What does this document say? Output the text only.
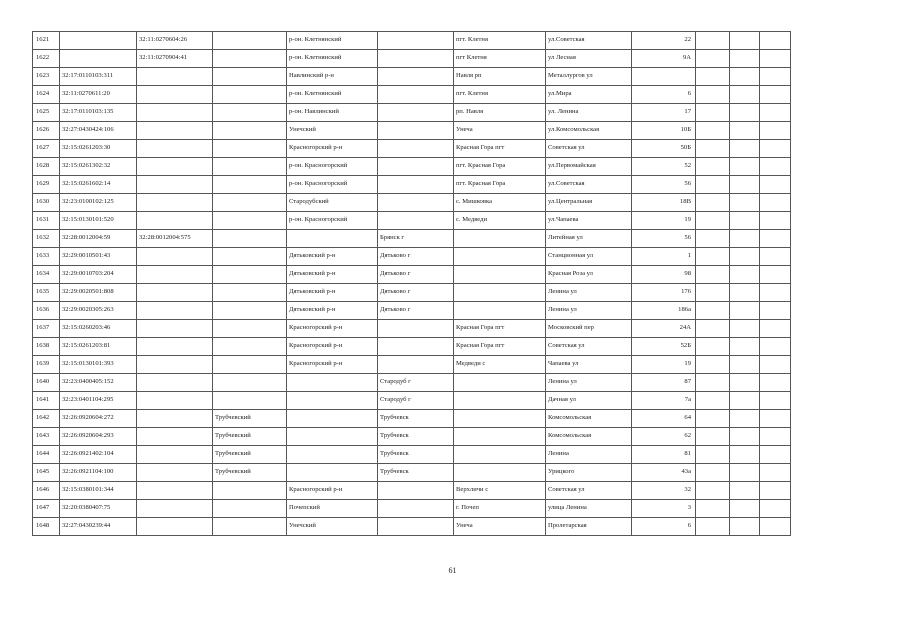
1621		32:11:0270604:26		р-он. Клетнянский		пгт. Клетня	ул.Советская	22			
1622		32:11:0270904:41		р-он. Клетнянский		пгт Клетня	ул Лесная	9А			
1623	32:17:0110103:311			Навлинский р-н		Навля рп	Металлургов ул				
1624	32:11:0270611:20			р-он. Клетнянский		пгт. Клетня	ул.Мира	6			
1625	32:17:0110103:135			р-он. Навлинский		рп. Навля	ул. Ленина	17			
1626	32:27:0430424:106			Унечский		Унеча	ул.Комсомольская	10Б			
1627	32:15:0261203:30			Красногорский р-н		Красная Гора пгт	Советская ул	50Б			
1628	32:15:0261302:32			р-он. Красногорский		пгт. Красная Гора	ул.Первомайская	52			
1629	32:15:0261602:14			р-он. Красногорский		пгт. Красная Гора	ул.Советская	56			
1630	32:23:0100102:125			Стародубский		с. Мишковка	ул.Центральная	18В			
1631	32:15:0130101:520			р-он. Красногорский		с. Медведи	ул.Чапаева	19			
1632	32:28:0012004:59	32:28:0012004:575			Брянск г		Литейная ул	56			
1633	32:29:0010501:43			Дятьковский р-н	Дятьково г		Станционная ул	1			
1634	32:29:0010703:204			Дятьковский р-н	Дятьково г		Красная Роза ул	98			
1635	32:29:0020501:808			Дятьковский р-н	Дятьково г		Ленина ул	176			
1636	32:29:0020305:263			Дятьковский р-н	Дятьково г		Ленина ул	186а			
1637	32:15:0260203:46			Красногорский р-н		Красная Гора пгт	Московский пер	24А			
1638	32:15:0261203:81			Красногорский р-н		Красная Гора пгт	Советская ул	52Б			
1639	32:15:0130101:393			Красногорский р-н		Медведи с	Чапаева ул	19			
1640	32:23:0400405:152				Стародуб г		Ленина ул	87			
1641	32:23:0401104:295				Стародуб г		Дачная ул	7а			
1642	32:26:0920604:272		Трубчевский		Трубчевск		Комсомольская	64			
1643	32:26:0920604:293		Трубчевский		Трубчевск		Комсомольская	62			
1644	32:26:0921402:104		Трубчевский		Трубчевск		Ленина	81			
1645	32:26:0921104:100		Трубчевский		Трубчевск		Урицкого	43а			
1646	32:15:0380101:344			Красногорский р-н		Верхличи с	Советская ул	32			
1647	32:20:0380407:75			Почепский		г. Почеп	улица Ленина	3			
1648	32:27:0430239:44			Унечский		Унеча	Пролетарская	6			
61
